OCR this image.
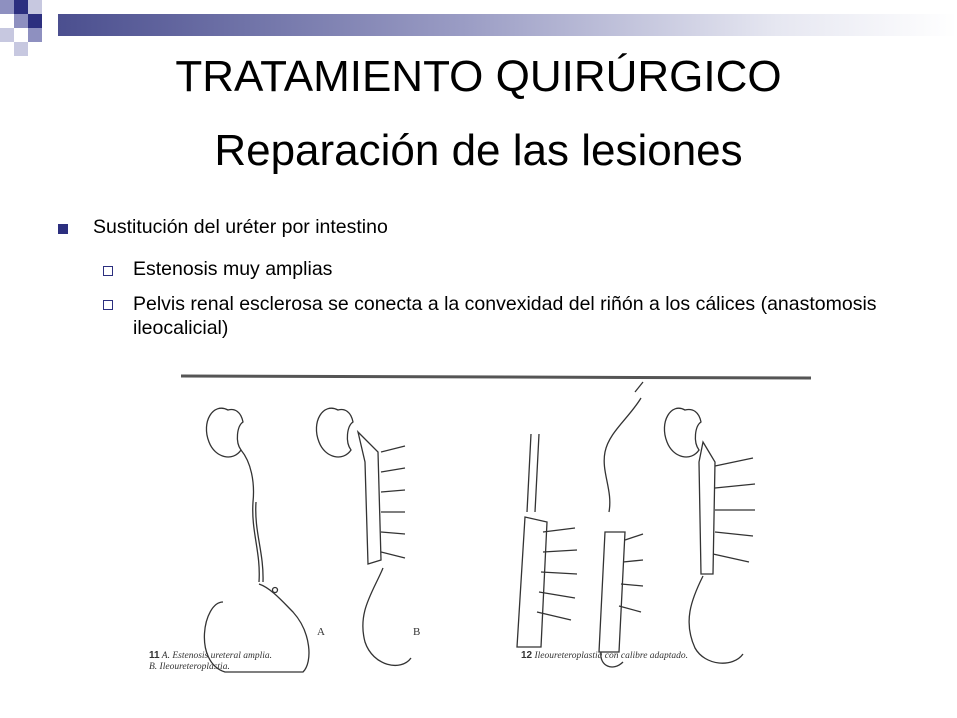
TRATAMIENTO QUIRÚRGICO
Reparación de las lesiones
Sustitución del uréter por intestino
Estenosis muy amplias
Pelvis renal esclerosa se conecta a la convexidad del riñón a los cálices (anastomosis ileocalicial)
A	B
11 A. Estenosis ureteral amplia.
B. Ileoureteroplastia.
12 Ileoureteroplastia con calibre adaptado.
